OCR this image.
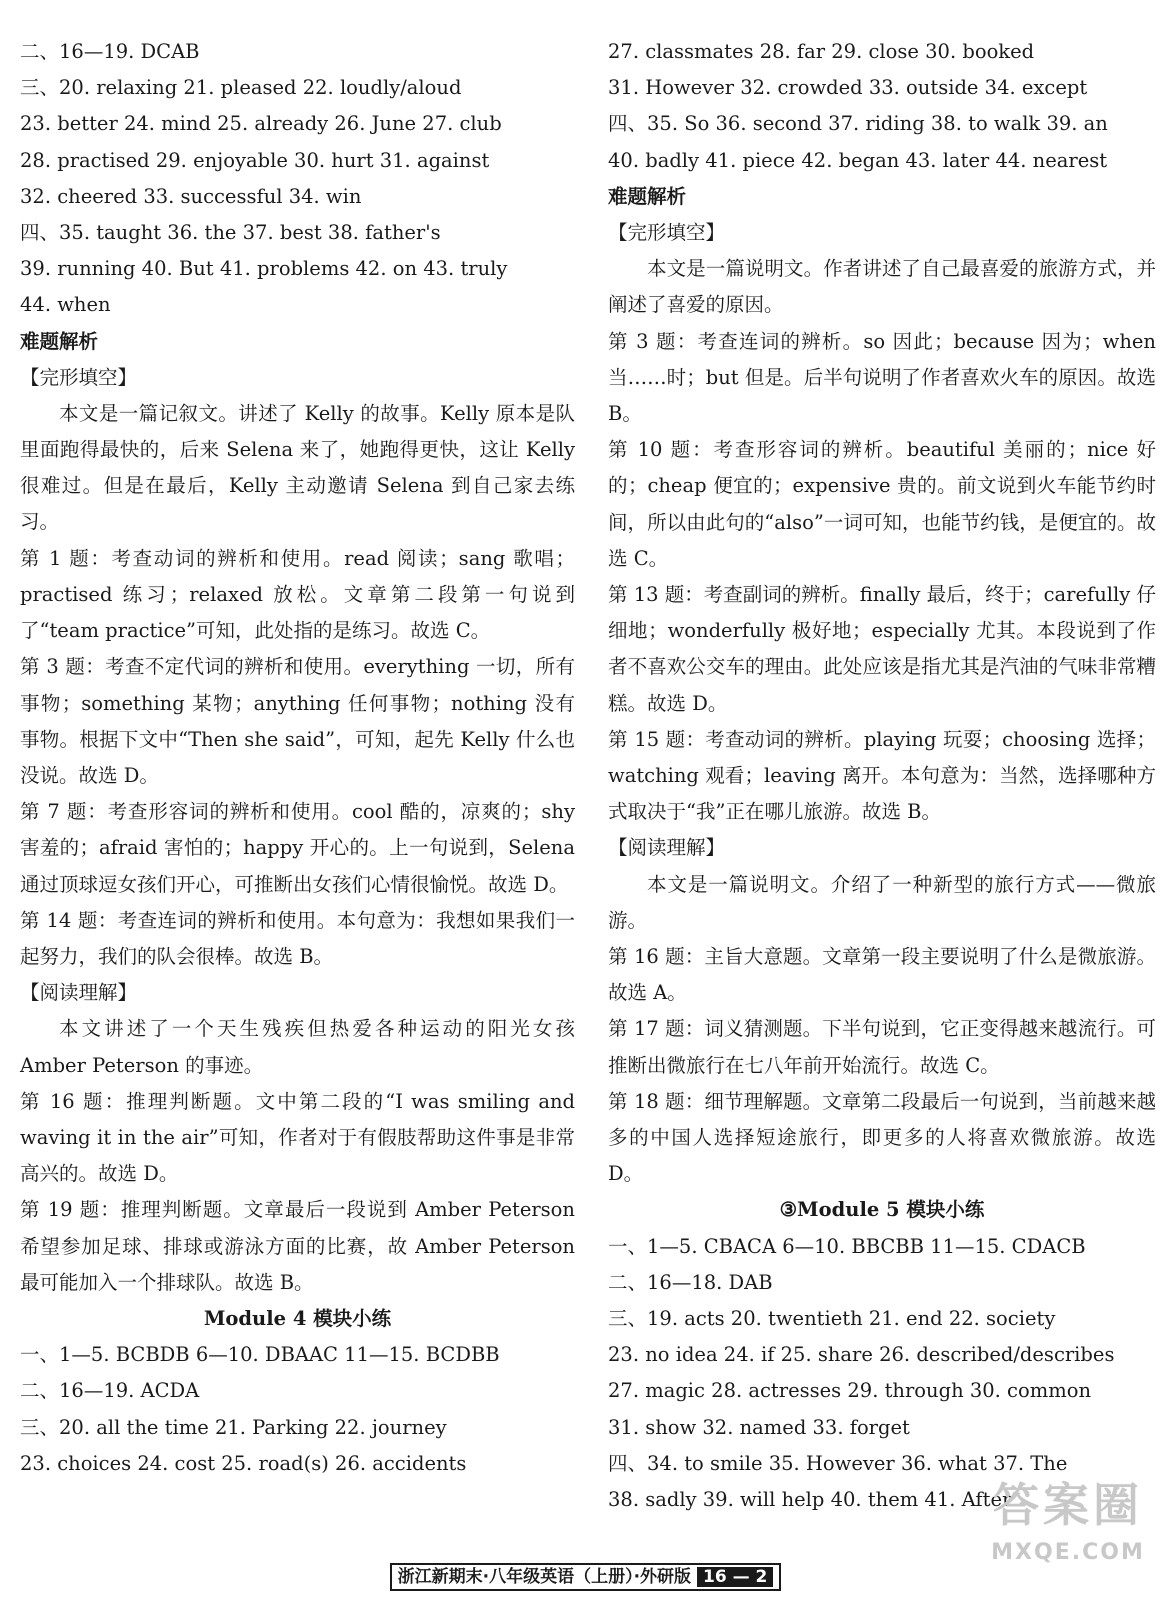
二、16—19. DCAB
三、20. relaxing 21. pleased 22. loudly/aloud
23. better 24. mind 25. already 26. June 27. club
28. practised 29. enjoyable 30. hurt 31. against
32. cheered 33. successful 34. win
四、35. taught 36. the 37. best 38. father's
39. running 40. But 41. problems 42. on 43. truly
44. when
难题解析
【完形填空】
本文是一篇记叙文。讲述了 Kelly 的故事。Kelly 原本是队里面跑得最快的，后来 Selena 来了，她跑得更快，这让 Kelly 很难过。但是在最后，Kelly 主动邀请 Selena 到自己家去练习。
第 1 题：考查动词的辨析和使用。read 阅读；sang 歌唱；practised 练习；relaxed 放松。文章第二段第一句说到了“team practice”可知，此处指的是练习。故选 C。
第 3 题：考查不定代词的辨析和使用。everything 一切，所有事物；something 某物；anything 任何事物；nothing 没有事物。根据下文中“Then she said”，可知，起先 Kelly 什么也没说。故选 D。
第 7 题：考查形容词的辨析和使用。cool 酷的，凉爽的；shy 害羞的；afraid 害怕的；happy 开心的。上一句说到，Selena 通过顶球逗女孩们开心，可推断出女孩们心情很愉悦。故选 D。
第 14 题：考查连词的辨析和使用。本句意为：我想如果我们一起努力，我们的队会很棒。故选 B。
【阅读理解】
本文讲述了一个天生残疾但热爱各种运动的阳光女孩 Amber Peterson 的事迹。
第 16 题：推理判断题。文中第二段的“I was smiling and waving it in the air”可知，作者对于有假肢帮助这件事是非常高兴的。故选 D。
第 19 题：推理判断题。文章最后一段说到 Amber Peterson 希望参加足球、排球或游泳方面的比赛，故 Amber Peterson 最可能加入一个排球队。故选 B。
Module 4 模块小练
一、1—5. BCBDB 6—10. DBAAC 11—15. BCDBB
二、16—19. ACDA
三、20. all the time 21. Parking 22. journey
23. choices 24. cost 25. road(s) 26. accidents
27. classmates 28. far 29. close 30. booked
31. However 32. crowded 33. outside 34. except
四、35. So 36. second 37. riding 38. to walk 39. an
40. badly 41. piece 42. began 43. later 44. nearest
难题解析
【完形填空】
本文是一篇说明文。作者讲述了自己最喜爱的旅游方式，并阐述了喜爱的原因。
第 3 题：考查连词的辨析。so 因此；because 因为；when 当……时；but 但是。后半句说明了作者喜欢火车的原因。故选 B。
第 10 题：考查形容词的辨析。beautiful 美丽的；nice 好的；cheap 便宜的；expensive 贵的。前文说到火车能节约时间，所以由此句的“also”一词可知，也能节约钱，是便宜的。故选 C。
第 13 题：考查副词的辨析。finally 最后，终于；carefully 仔细地；wonderfully 极好地；especially 尤其。本段说到了作者不喜欢公交车的理由。此处应该是指尤其是汽油的气味非常糟糕。故选 D。
第 15 题：考查动词的辨析。playing 玩耍；choosing 选择；watching 观看；leaving 离开。本句意为：当然，选择哪种方式取决于“我”正在哪儿旅游。故选 B。
【阅读理解】
本文是一篇说明文。介绍了一种新型的旅行方式——微旅游。
第 16 题：主旨大意题。文章第一段主要说明了什么是微旅游。故选 A。
第 17 题：词义猜测题。下半句说到，它正变得越来越流行。可推断出微旅行在七八年前开始流行。故选 C。
第 18 题：细节理解题。文章第二段最后一句说到，当前越来越多的中国人选择短途旅行，即更多的人将喜欢微旅游。故选 D。
③Module 5 模块小练
一、1—5. CBACA 6—10. BBCBB 11—15. CDACB
二、16—18. DAB
三、19. acts 20. twentieth 21. end 22. society
23. no idea 24. if 25. share 26. described/describes
27. magic 28. actresses 29. through 30. common
31. show 32. named 33. forget
四、34. to smile 35. However 36. what 37. The
38. sadly 39. will help 40. them 41. After
浙江新期末·八年级英语（上册）·外研版 16 — 2
答案圈
MXQE.COM
